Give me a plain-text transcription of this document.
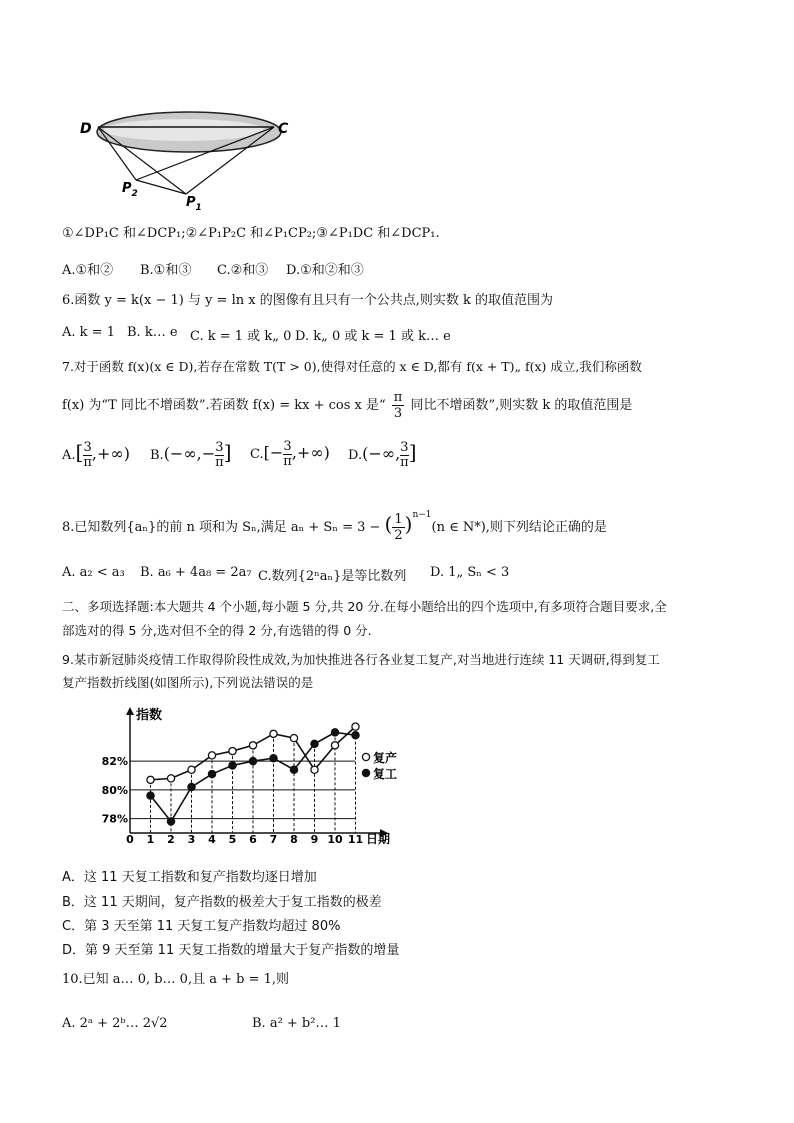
D	C
$P_2$
$P_1$
①∠DP₁C 和∠DCP₁;②∠P₁P₂C 和∠P₁CP₂;③∠P₁DC 和∠DCP₁.
A.①和② B.①和③ C.②和③ D.①和②和③
6.函数 y = k(x − 1) 与 y = ln x 的图像有且只有一个公共点,则实数 k 的取值范围为
A. k = 1 B. k… e C. k = 1 或 k„ 0 D. k„ 0 或 k = 1 或 k… e
7.对于函数 f(x)(x ∈ D),若存在常数 T(T > 0),使得对任意的 x ∈ D,都有 f(x + T)„ f(x) 成立,我们称函数
f(x) 为“T 同比不增函数”.若函数 f(x) = kx + cos x 是“ $\frac{\pi}{3}$ 同比不增函数”,则实数 k 的取值范围是
$A.[ \frac{3}{\pi}$ ,+∞) $B.(-\infty,- \frac{3}{\pi}$ ] $C.[- \frac{3}{\pi}$ ,+∞) D.(−∞, $\frac{3}{\pi}$ ]
8.已知数列{aₙ}的前 n 项和为 Sₙ,满足 aₙ + Sₙ = 3 − ( $\frac{1}{2} )^{n-1}(n$ ∈ N*),则下列结论正确的是
A. a₂ < a₃ B. a₆ + 4a₈ = 2a₇ C.数列{2ⁿaₙ}是等比数列 D. 1„ Sₙ < 3
二、多项选择题:本大题共 4 个小题,每小题 5 分,共 20 分.在每小题给出的四个选项中,有多项符合题目要求,全
部选对的得 5 分,选对但不全的得 2 分,有选错的得 0 分.
9.某市新冠肺炎疫情工作取得阶段性成效,为加快推进各行各业复工复产,对当地进行连续 11 天调研,得到复工
复产指数折线图(如图所示),下列说法错误的是
指数
日期
78%
80%
82%
0 1 2 3 4 5 6 7 8 9 10 11
复产
复工
A．这 11 天复工指数和复产指数均逐日增加
B．这 11 天期间，复产指数的极差大于复工指数的极差
C．第 3 天至第 11 天复工复产指数均超过 80%
D．第 9 天至第 11 天复工指数的增量大于复产指数的增量
10.已知 a… 0, b… 0,且 a + b = 1,则
A. 2ᵃ + 2ᵇ… 2√2	B. a² + b²… 1
